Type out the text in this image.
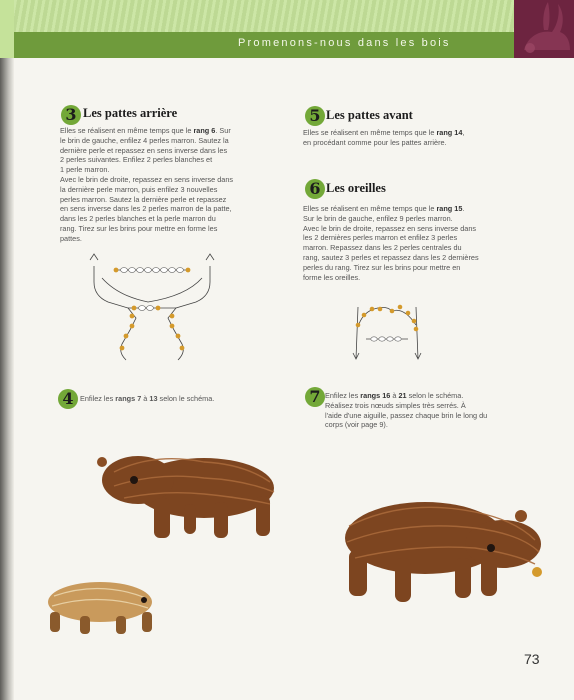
Promenons-nous dans les bois
3 Les pattes arrière
Elles se réalisent en même temps que le rang 6. Sur
le brin de gauche, enfilez 4 perles marron. Sautez la
dernière perle et repassez en sens inverse dans les
2 perles suivantes. Enfilez 2 perles blanches et
1 perle marron.
Avec le brin de droite, repassez en sens inverse dans
la dernière perle marron, puis enfilez 3 nouvelles
perles marron. Sautez la dernière perle et repassez
en sens inverse dans les 2 perles marron de la patte,
dans les 2 perles blanches et la perle marron du
rang. Tirez sur les brins pour mettre en forme les
pattes.
4 Enfilez les rangs 7 à 13 selon le schéma.
5 Les pattes avant
Elles se réalisent en même temps que le rang 14,
en procédant comme pour les pattes arrière.
6 Les oreilles
Elles se réalisent en même temps que le rang 15.
Sur le brin de gauche, enfilez 9 perles marron.
Avec le brin de droite, repassez en sens inverse dans
les 2 dernières perles marron et enfilez 3 perles
marron. Repassez dans les 2 perles centrales du
rang, sautez 3 perles et repassez dans les 2 dernières
perles du rang. Tirez sur les brins pour mettre en
forme les oreilles.
7 Enfilez les rangs 16 à 21 selon le schéma.
Réalisez trois nœuds simples très serrés. À
l'aide d'une aiguille, passez chaque brin le long du
corps (voir page 9).
73
